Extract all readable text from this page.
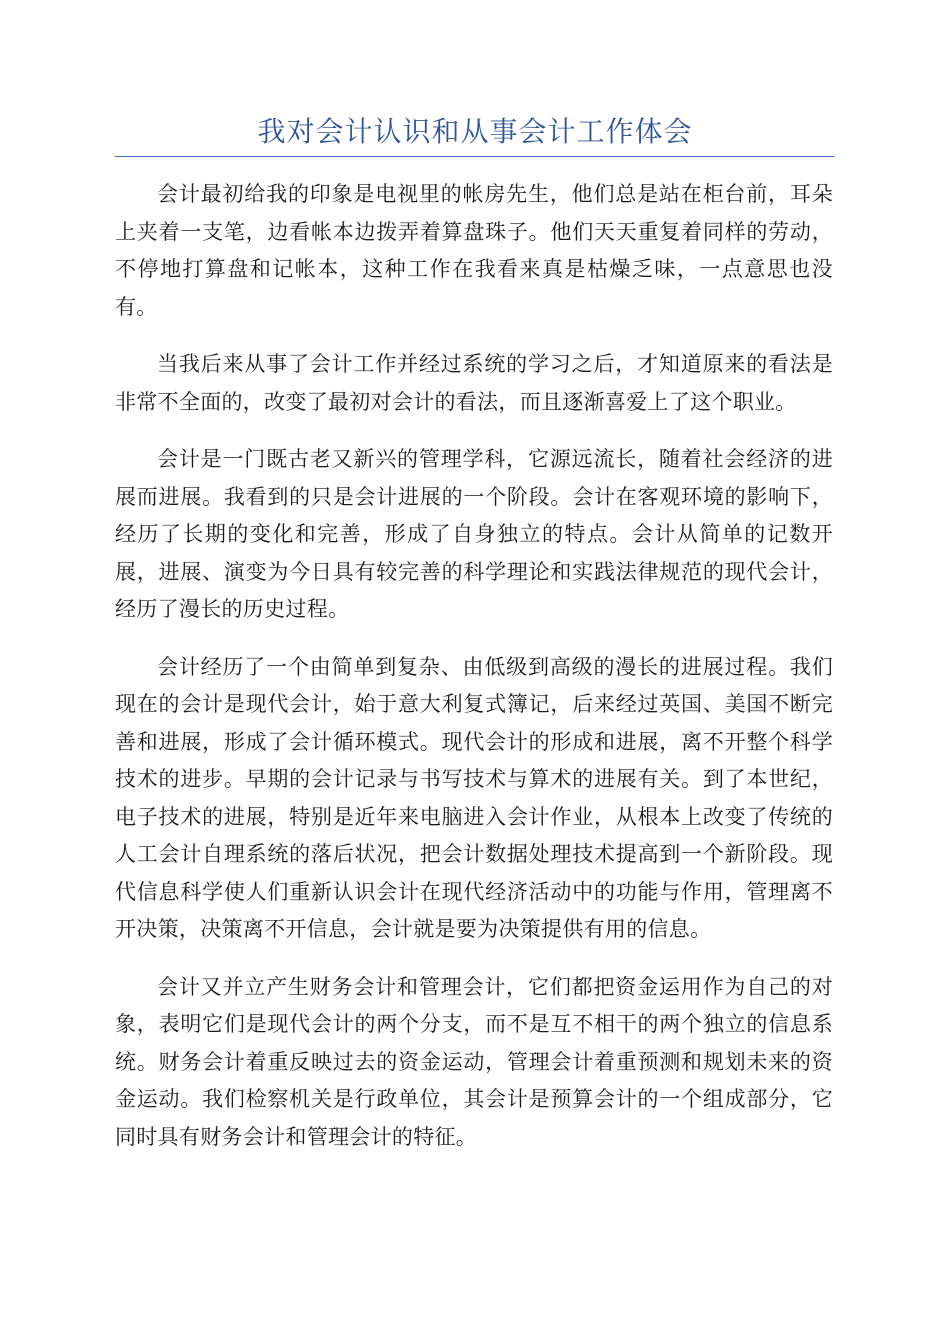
我对会计认识和从事会计工作体会

会计最初给我的印象是电视里的帐房先生，他们总是站在柜台前，耳朵上夹着一支笔，边看帐本边拨弄着算盘珠子。他们天天重复着同样的劳动，不停地打算盘和记帐本，这种工作在我看来真是枯燥乏味，一点意思也没有。

当我后来从事了会计工作并经过系统的学习之后，才知道原来的看法是非常不全面的，改变了最初对会计的看法，而且逐渐喜爱上了这个职业。

会计是一门既古老又新兴的管理学科，它源远流长，随着社会经济的进展而进展。我看到的只是会计进展的一个阶段。会计在客观环境的影响下，经历了长期的变化和完善，形成了自身独立的特点。会计从简单的记数开展，进展、演变为今日具有较完善的科学理论和实践法律规范的现代会计，经历了漫长的历史过程。

会计经历了一个由简单到复杂、由低级到高级的漫长的进展过程。我们现在的会计是现代会计，始于意大利复式簿记，后来经过英国、美国不断完善和进展，形成了会计循环模式。现代会计的形成和进展，离不开整个科学技术的进步。早期的会计记录与书写技术与算术的进展有关。到了本世纪，电子技术的进展，特别是近年来电脑进入会计作业，从根本上改变了传统的人工会计自理系统的落后状况，把会计数据处理技术提高到一个新阶段。现代信息科学使人们重新认识会计在现代经济活动中的功能与作用，管理离不开决策，决策离不开信息，会计就是要为决策提供有用的信息。

会计又并立产生财务会计和管理会计，它们都把资金运用作为自己的对象，表明它们是现代会计的两个分支，而不是互不相干的两个独立的信息系统。财务会计着重反映过去的资金运动，管理会计着重预测和规划未来的资金运动。我们检察机关是行政单位，其会计是预算会计的一个组成部分，它同时具有财务会计和管理会计的特征。
